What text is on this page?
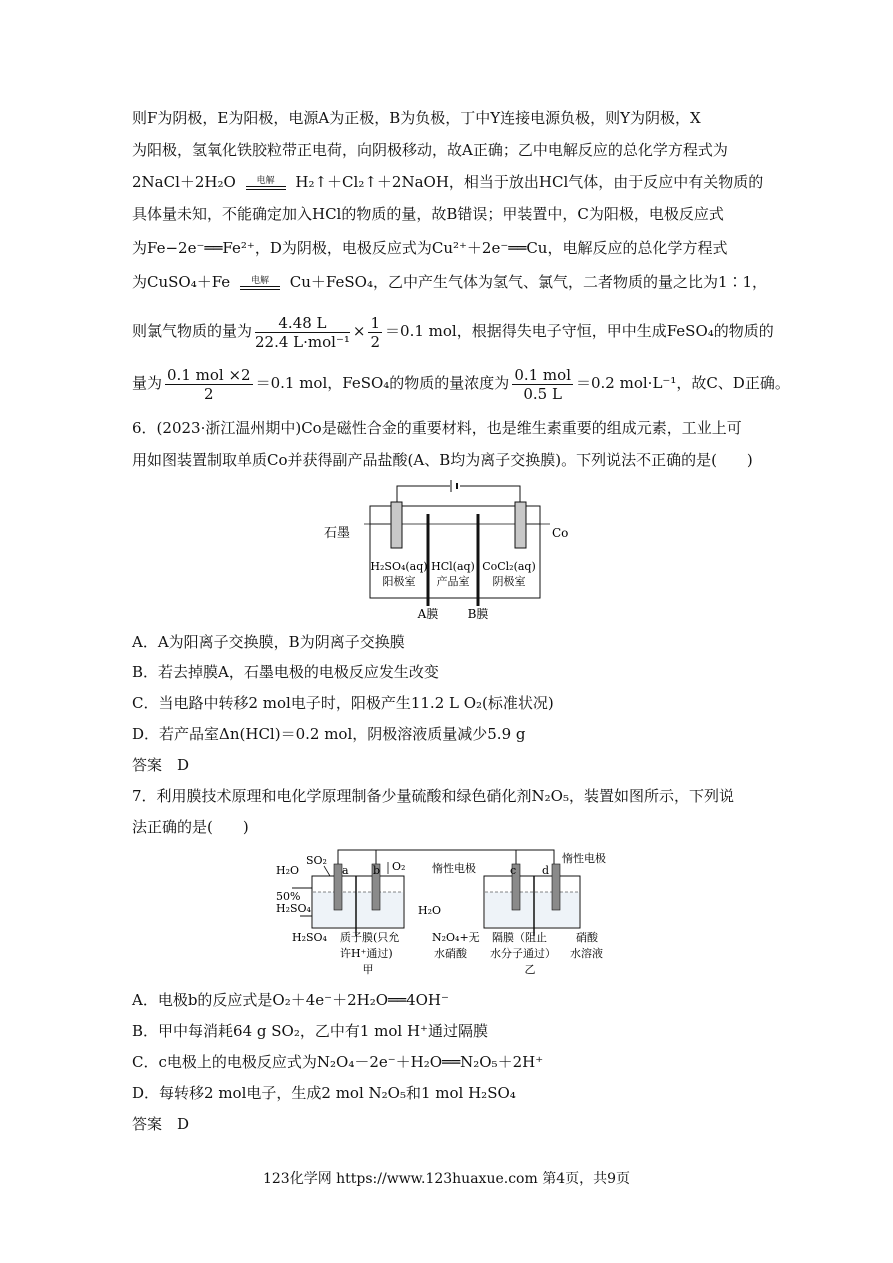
则F为阴极，E为阳极，电源A为正极，B为负极，丁中Y连接电源负极，则Y为阴极，X
为阳极，氢氧化铁胶粒带正电荷，向阴极移动，故A正确；乙中电解反应的总化学方程式为
2NaCl＋2H₂O	电解	H₂↑＋Cl₂↑＋2NaOH，相当于放出HCl气体，由于反应中有关物质的
具体量未知，不能确定加入HCl的物质的量，故B错误；甲装置中，C为阳极，电极反应式
为Fe−2e⁻══Fe²⁺，D为阴极，电极反应式为Cu²⁺＋2e⁻══Cu，电解反应的总化学方程式
为CuSO₄＋Fe	电解	Cu＋FeSO₄，乙中产生气体为氢气、氯气，二者物质的量之比为1∶1，
则氯气物质的量为 $\frac{4.48 L}{\text{22.4 L·mol⁻¹}} \times \frac{1}{2} =0.1$ mol，根据得失电子守恒，甲中生成FeSO₄的物质的
量为 $\frac{\text{0.1 mol ×2}}{2} =0.1$ mol，FeSO₄的物质的量浓度为 $\frac{\text{0.1 mol}}{0.5 L} =0.2$ mol·L⁻¹，故C、D正确。
6．(2023·浙江温州期中)Co是磁性合金的重要材料，也是维生素重要的组成元素，工业上可
用如图装置制取单质Co并获得副产品盐酸(A、B均为离子交换膜)。下列说法不正确的是(　　)
石墨	Co
H₂SO₄(aq)
阳极室
HCl(aq)
产品室
CoCl₂(aq)
阴极室
A膜 B膜
A．A为阳离子交换膜，B为阴离子交换膜
B．若去掉膜A，石墨电极的电极反应发生改变
C．当电路中转移2 mol电子时，阳极产生11.2 L O₂(标准状况)
D．若产品室Δn(HCl)＝0.2 mol，阴极溶液质量减少5.9 g
答案　D
7．利用膜技术原理和电化学原理制备少量硫酸和绿色硝化剂N₂O₅，装置如图所示，下列说
法正确的是(　　)
H₂O
SO₂
a b O₂
50%
H₂SO₄	H₂O
H₂SO₄ 质子膜(只允
许H⁺通过)
甲
惰性电极	c d
惰性电极
N₂O₄+无
水硝酸
隔膜（阻止
水分子通过）
乙
硝酸
水溶液
A．电极b的反应式是O₂＋4e⁻＋2H₂O══4OH⁻
B．甲中每消耗64 g SO₂，乙中有1 mol H⁺通过隔膜
C．c电极上的电极反应式为N₂O₄－2e⁻＋H₂O══N₂O₅＋2H⁺
D．每转移2 mol电子，生成2 mol N₂O₅和1 mol H₂SO₄
答案　D
123化学网 https://www.123huaxue.com 第4页，共9页
